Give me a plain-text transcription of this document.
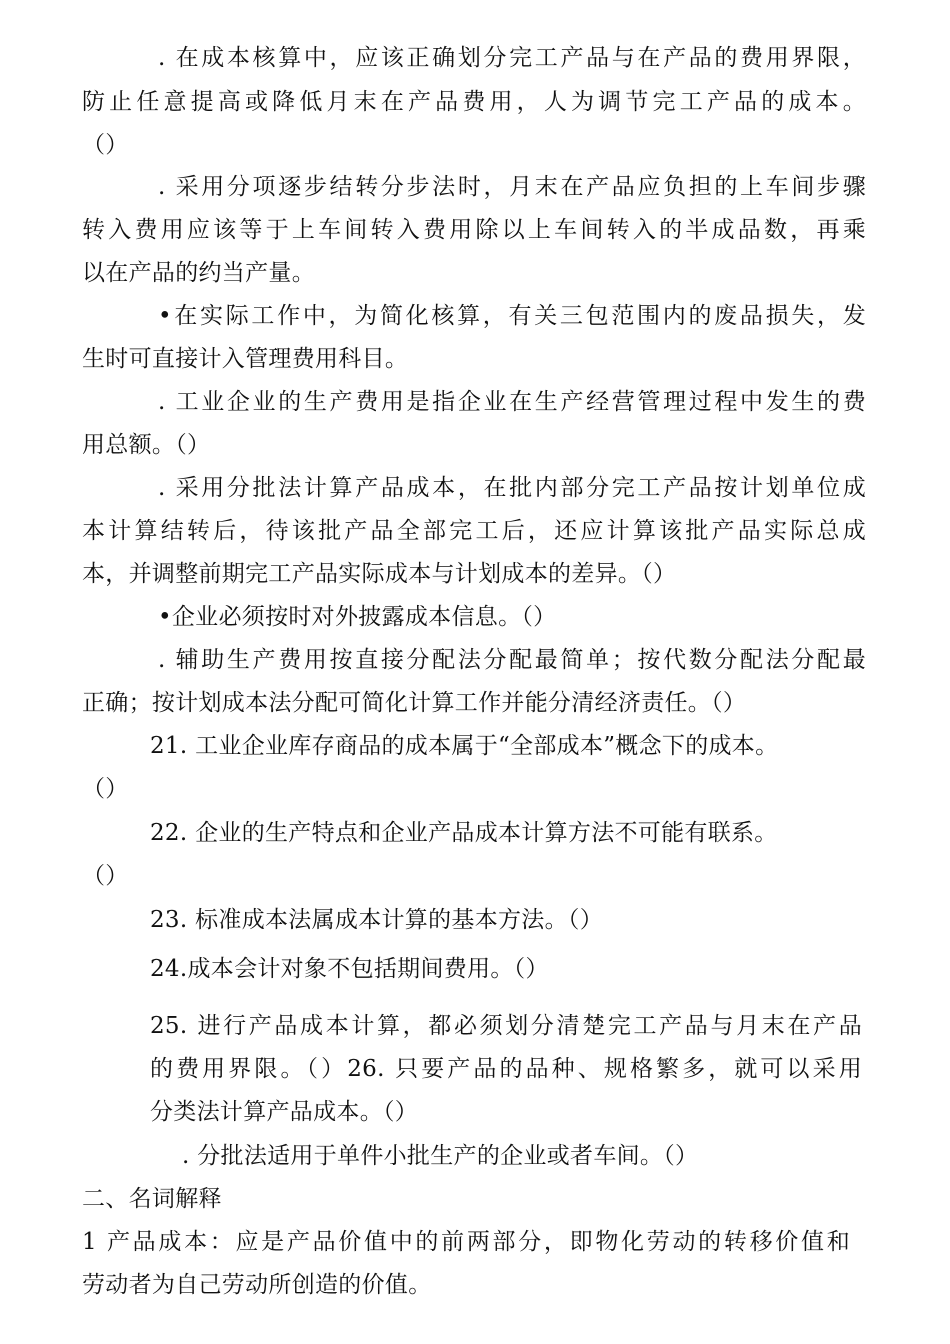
. 在成本核算中，应该正确划分完工产品与在产品的费用界限，
防止任意提高或降低月末在产品费用，人为调节完工产品的成本。
（）
. 采用分项逐步结转分步法时，月末在产品应负担的上车间步骤
转入费用应该等于上车间转入费用除以上车间转入的半成品数，再乘
以在产品的约当产量。
•在实际工作中，为简化核算，有关三包范围内的废品损失，发
生时可直接计入管理费用科目。
. 工业企业的生产费用是指企业在生产经营管理过程中发生的费
用总额。（）
. 采用分批法计算产品成本，在批内部分完工产品按计划单位成
本计算结转后，待该批产品全部完工后，还应计算该批产品实际总成
本，并调整前期完工产品实际成本与计划成本的差异。（）
•企业必须按时对外披露成本信息。（）
. 辅助生产费用按直接分配法分配最简单；按代数分配法分配最
正确；按计划成本法分配可简化计算工作并能分清经济责任。（）
21. 工业企业库存商品的成本属于“全部成本”概念下的成本。
（）
22. 企业的生产特点和企业产品成本计算方法不可能有联系。
（）
23. 标准成本法属成本计算的基本方法。（）
24.成本会计对象不包括期间费用。（）
25. 进行产品成本计算，都必须划分清楚完工产品与月末在产品
的费用界限。（）26. 只要产品的品种、规格繁多，就可以采用
分类法计算产品成本。（）
. 分批法适用于单件小批生产的企业或者车间。（）
二、名词解释
1 产品成本：应是产品价值中的前两部分，即物化劳动的转移价值和
劳动者为自己劳动所创造的价值。
